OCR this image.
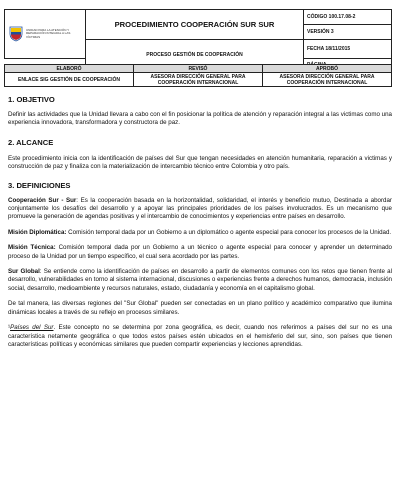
UNIDAD PARA LA ATENCIÓN Y REPARACIÓN INTEGRAL A LAS VÍCTIMAS	PROCEDIMIENTO COOPERACIÓN SUR SUR	CÓDIGO 100.17.08-2
		VERSIÓN 3
	PROCESO GESTIÓN DE COOPERACIÓN	FECHA 18/11/2015

ELABORÓ	REVISÓ	APROBÓ
ENLACE SIG GESTIÓN DE COOPERACIÓN	ASESORA DIRECCIÓN GENERAL PARA COOPERACIÓN INTERNACIONAL	ASESORA DIRECCIÓN GENERAL PARA COOPERACIÓN INTERNACIONAL

1. OBJETIVO

Definir las actividades que la Unidad llevara a cabo con el fin posicionar la política de atención y reparación integral a las victimas como una experiencia innovadora, transformadora y constructora de paz.

2. ALCANCE

Este procedimiento inicia con la identificación de países del Sur que tengan necesidades en atención humanitaria, reparación a victimas y construcción de paz y finaliza con la materialización de intercambio técnico entre Colombia y otro país.

3. DEFINICIONES

Cooperación Sur - Sur: Es la cooperación basada en la horizontalidad, solidaridad, el interés y beneficio mutuo, Destinada a abordar conjuntamente los desafíos del desarrollo y a apoyar las principales prioridades de los países involucrados. Es un mecanismo que promueve la generación de agendas positivas y el intercambio de conocimientos y experiencias entre países en desarrollo.

Misión Diplomática: Comisión temporal dada por un Gobierno a un diplomático o agente especial para conocer los procesos de la Unidad.

Misión Técnica: Comisión temporal dada por un Gobierno a un técnico o agente especial para conocer y aprender un determinado proceso de la Unidad por un tiempo específico, el cual sera acordado por las partes.

Sur Global: Se entiende como la identificación de países en desarrollo a partir de elementos comunes con los retos que tienen frente al desarrollo, vulnerabilidades en torno al sistema internacional, discusiones o experiencias frente a derechos humanos, democracia, inclusión social, desarrollo, medioambiente y recursos naturales, estado, ciudadanía y economía en el capitalismo global.

De tal manera, las diversas regiones del "Sur Global" pueden ser conectadas en un plano político y académico comparativo que ilumina dinámicas locales a través de su reflejo en procesos similares.

¹Países del Sur. Este concepto no se determina por zona geográfica, es decir, cuando nos referimos a países del sur no es una característica netamente geográfica o que todos estos países estén ubicados en el hemisferio del sur, sino, son países que tienen características políticas y económicas similares que pueden compartir experiencias y lecciones aprendidas.
